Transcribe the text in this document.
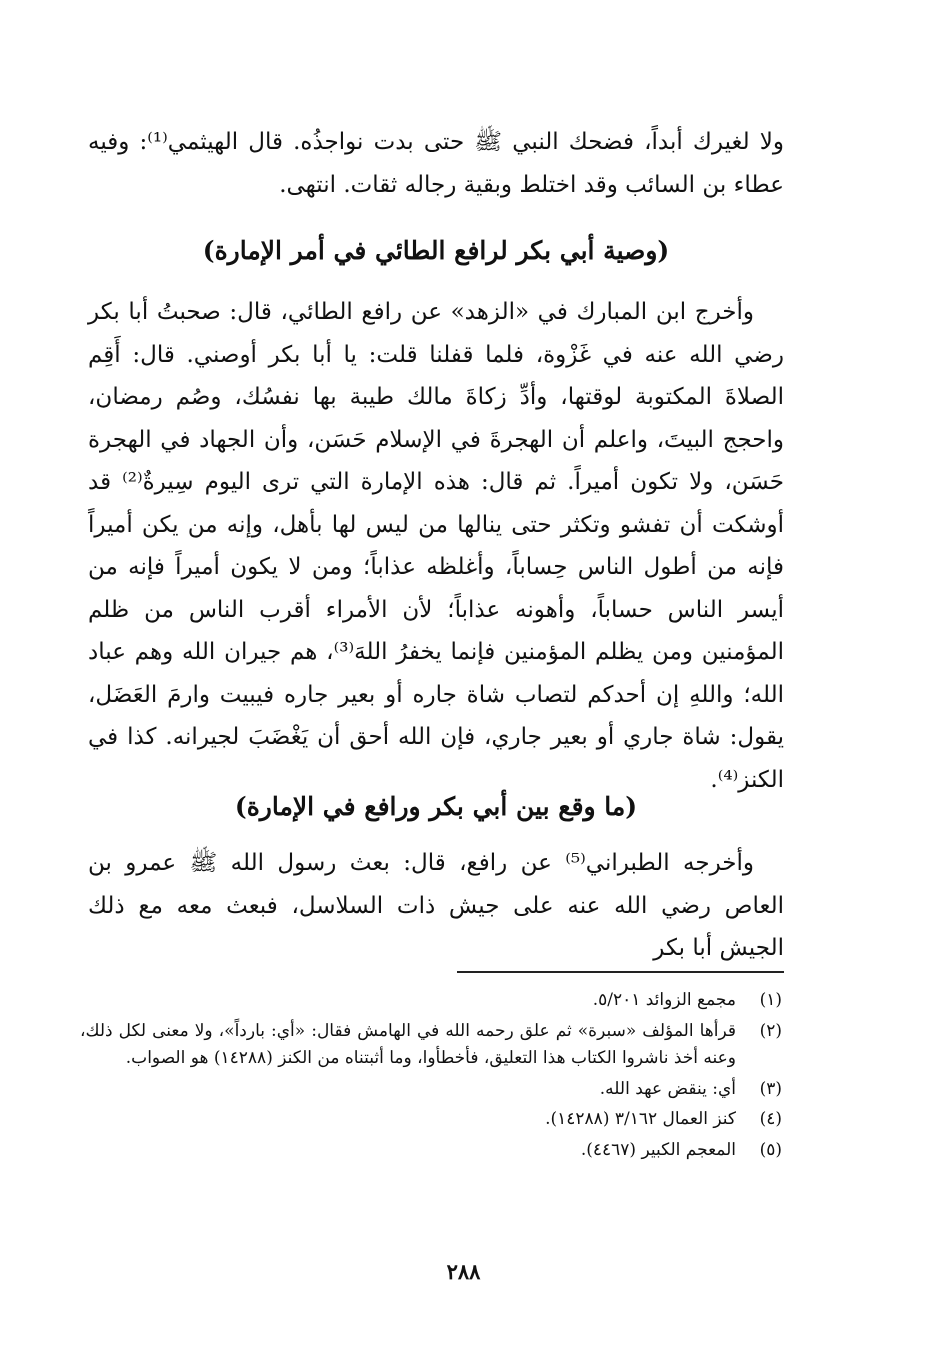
ولا لغيرك أبداً، فضحك النبي ﷺ حتى بدت نواجذُه. قال الهيثمي⁽¹⁾: وفيه عطاء بن السائب وقد اختلط وبقية رجاله ثقات. انتهى.

(وصية أبي بكر لرافع الطائي في أمر الإمارة)

وأخرج ابن المبارك في «الزهد» عن رافع الطائي، قال: صحبتُ أبا بكر رضي الله عنه في غَزْوة، فلما قفلنا قلت: يا أبا بكر أوصني. قال: أَقِم الصلاةَ المكتوبة لوقتها، وأدِّ زكاةَ مالك طيبة بها نفسُك، وصُم رمضان، واحجج البيتَ، واعلم أن الهجرةَ في الإسلام حَسَن، وأن الجهاد في الهجرة حَسَن، ولا تكون أميراً. ثم قال: هذه الإمارة التي ترى اليوم سِيرةٌ⁽²⁾ قد أوشكت أن تفشو وتكثر حتى ينالها من ليس لها بأهل، وإنه من يكن أميراً فإنه من أطول الناس حِساباً، وأغلظه عذاباً؛ ومن لا يكون أميراً فإنه من أيسر الناس حساباً، وأهونه عذاباً؛ لأن الأمراء أقرب الناس من ظلم المؤمنين ومن يظلم المؤمنين فإنما يخفرُ اللهَ⁽³⁾، هم جيران الله وهم عباد الله؛ واللهِ إن أحدكم لتصاب شاة جاره أو بعير جاره فيبيت وارمَ العَضَل، يقول: شاة جاري أو بعير جاري، فإن الله أحق أن يَغْضَبَ لجيرانه. كذا في الكنز⁽⁴⁾.

(ما وقع بين أبي بكر ورافع في الإمارة)

وأخرجه الطبراني⁽⁵⁾ عن رافع، قال: بعث رسول الله ﷺ عمرو بن العاص رضي الله عنه على جيش ذات السلاسل، فبعث معه مع ذلك الجيش أبا بكر

(١)
مجمع الزوائد ٥/٢٠١.
(٢)
قرأها المؤلف «سبرة» ثم علق رحمه الله في الهامش فقال: «أي: بارداً»، ولا معنى لكل ذلك، وعنه أخذ ناشروا الكتاب هذا التعليق، فأخطأوا، وما أثبتناه من الكنز (١٤٢٨٨) هو الصواب.
(٣)
أي: ينقض عهد الله.
(٤)
كنز العمال ٣/١٦٢ (١٤٢٨٨).
(٥)
المعجم الكبير (٤٤٦٧).
٢٨٨
